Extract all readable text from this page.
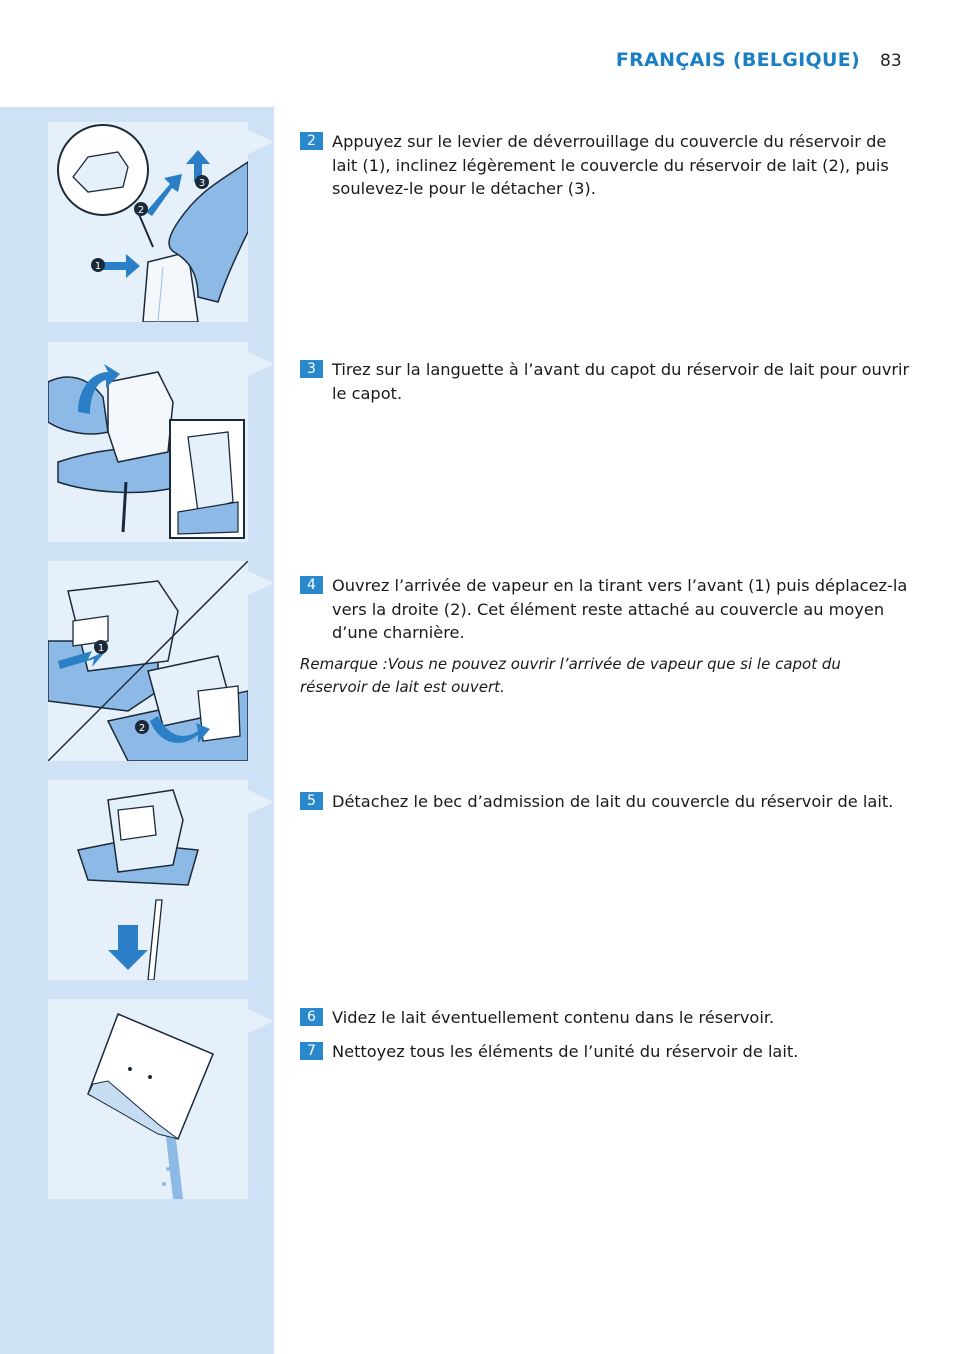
FRANÇAIS (BELGIQUE) 83
1
2
3
1
2
2 Appuyez sur le levier de déverrouillage du couvercle du réservoir de lait (1), inclinez légèrement le couvercle du réservoir de lait (2), puis soulevez-le pour le détacher (3).
3 Tirez sur la languette à l’avant du capot du réservoir de lait pour ouvrir le capot.
4 Ouvrez l’arrivée de vapeur en la tirant vers l’avant (1) puis déplacez-la vers la droite (2). Cet élément reste attaché au couvercle au moyen d’une charnière.
Remarque :Vous ne pouvez ouvrir l’arrivée de vapeur que si le capot du réservoir de lait est ouvert.
5 Détachez le bec d’admission de lait du couvercle du réservoir de lait.
6 Videz le lait éventuellement contenu dans le réservoir.
7 Nettoyez tous les éléments de l’unité du réservoir de lait.
